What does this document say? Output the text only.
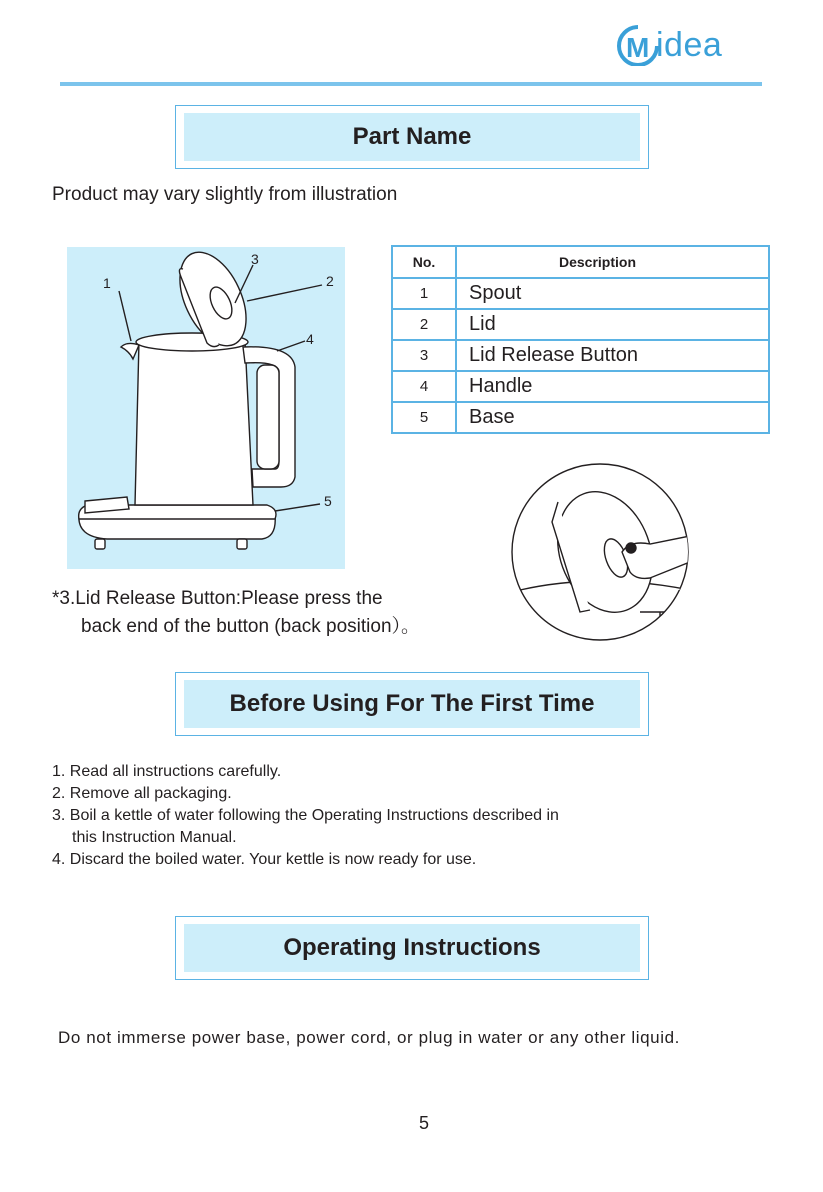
M idea
Part Name
Product may vary slightly from illustration
1	2
3
4
5
No.	Description
1	Spout
2	Lid
3	Lid Release Button
4	Handle
5	Base
*3.Lid Release Button:Please press the
back end of the button (back position）。
Before Using For The First Time
1. Read all instructions carefully.
2. Remove all packaging.
3. Boil a kettle of water following the Operating Instructions described in
this Instruction Manual.
4. Discard the boiled water. Your kettle is now ready for use.
Operating Instructions
Do not immerse power base, power cord, or plug in water or any other liquid.
5
